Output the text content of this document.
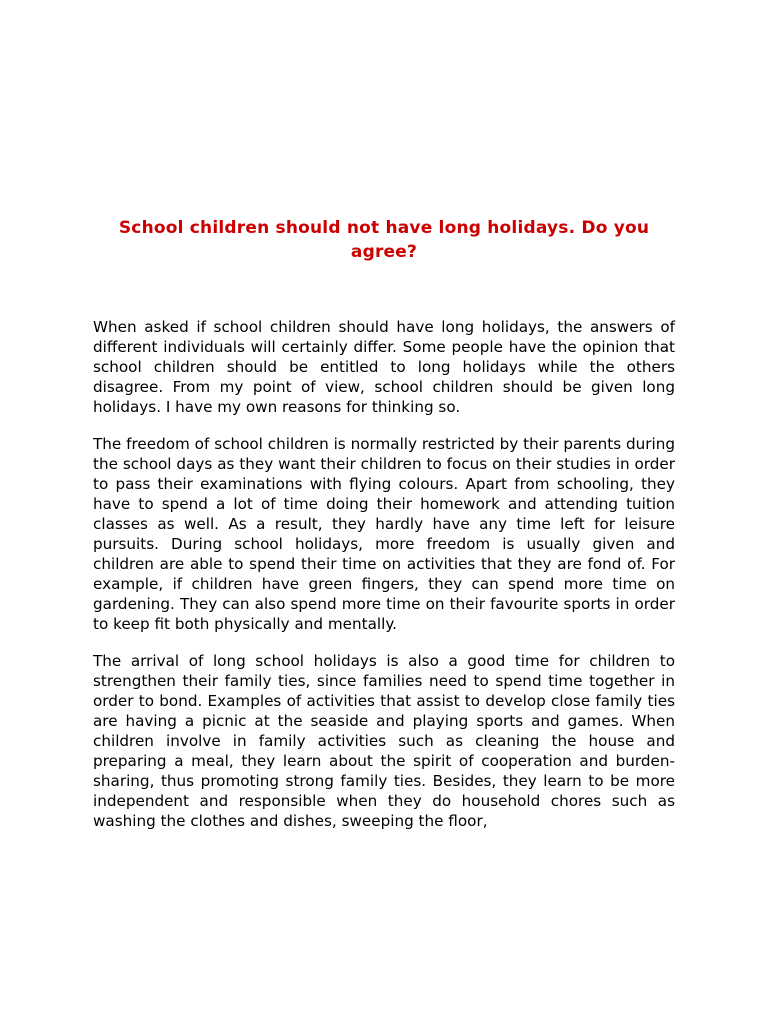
School children should not have long holidays. Do you agree?

When asked if school children should have long holidays, the answers of different individuals will certainly differ. Some people have the opinion that school children should be entitled to long holidays while the others disagree. From my point of view, school children should be given long holidays. I have my own reasons for thinking so.

The freedom of school children is normally restricted by their parents during the school days as they want their children to focus on their studies in order to pass their examinations with flying colours. Apart from schooling, they have to spend a lot of time doing their homework and attending tuition classes as well. As a result, they hardly have any time left for leisure pursuits. During school holidays, more freedom is usually given and children are able to spend their time on activities that they are fond of. For example, if children have green fingers, they can spend more time on gardening. They can also spend more time on their favourite sports in order to keep fit both physically and mentally.

The arrival of long school holidays is also a good time for children to strengthen their family ties, since families need to spend time together in order to bond. Examples of activities that assist to develop close family ties are having a picnic at the seaside and playing sports and games. When children involve in family activities such as cleaning the house and preparing a meal, they learn about the spirit of cooperation and burden-sharing, thus promoting strong family ties. Besides, they learn to be more independent and responsible when they do household chores such as washing the clothes and dishes, sweeping the floor,
